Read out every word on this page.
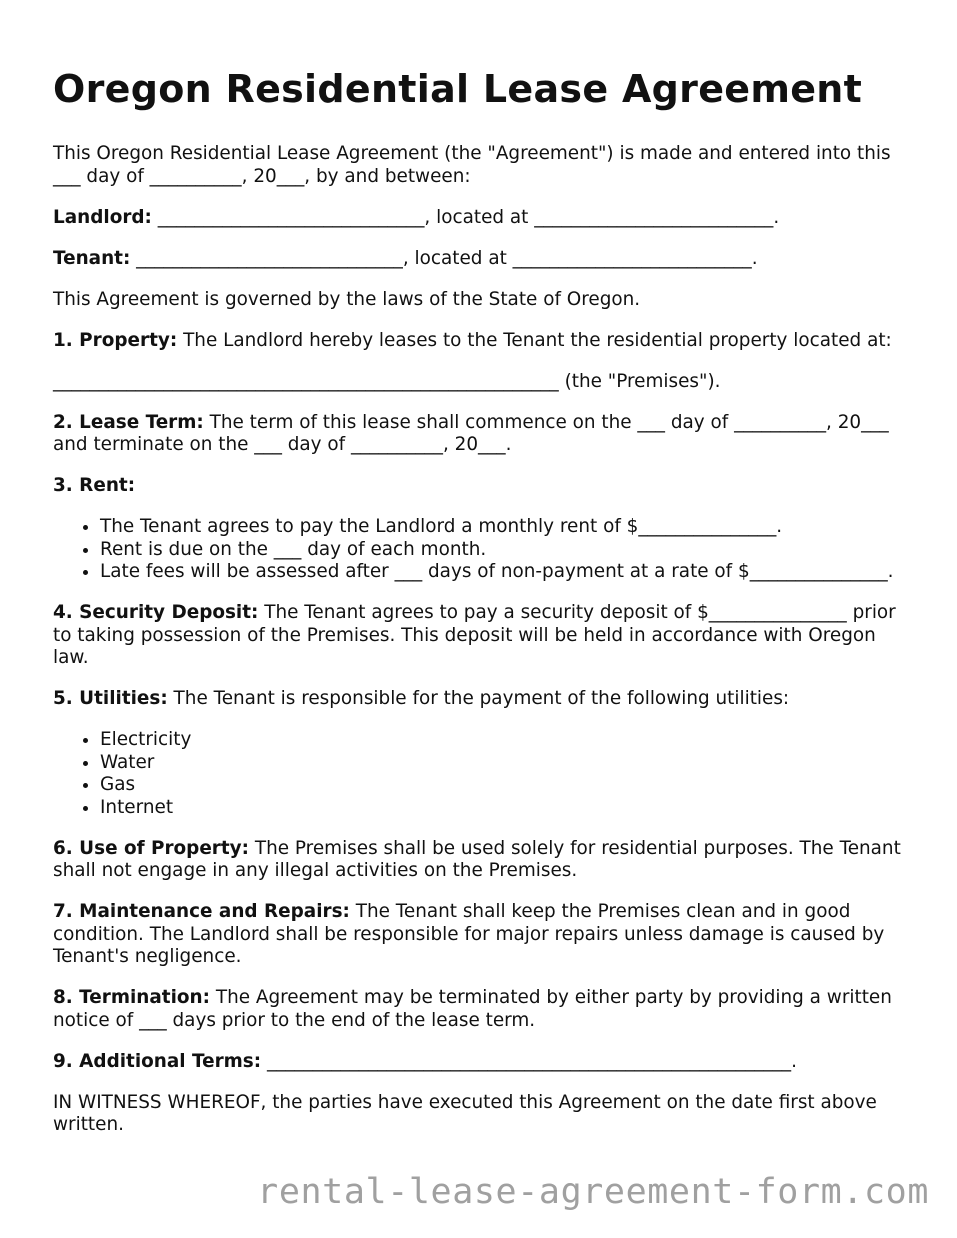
Oregon Residential Lease Agreement

This Oregon Residential Lease Agreement (the "Agreement") is made and entered into this ___ day of __________, 20___, by and between:

Landlord: _____________________________, located at __________________________.

Tenant: _____________________________, located at __________________________.

This Agreement is governed by the laws of the State of Oregon.

1. Property: The Landlord hereby leases to the Tenant the residential property located at:

_______________________________________________________ (the "Premises").

2. Lease Term: The term of this lease shall commence on the ___ day of __________, 20___ and terminate on the ___ day of __________, 20___.

3. Rent:

• The Tenant agrees to pay the Landlord a monthly rent of $_______________.
• Rent is due on the ___ day of each month.
• Late fees will be assessed after ___ days of non-payment at a rate of $_______________.

4. Security Deposit: The Tenant agrees to pay a security deposit of $_______________ prior to taking possession of the Premises. This deposit will be held in accordance with Oregon law.

5. Utilities: The Tenant is responsible for the payment of the following utilities:

• Electricity
• Water
• Gas
• Internet

6. Use of Property: The Premises shall be used solely for residential purposes. The Tenant shall not engage in any illegal activities on the Premises.

7. Maintenance and Repairs: The Tenant shall keep the Premises clean and in good condition. The Landlord shall be responsible for major repairs unless damage is caused by Tenant's negligence.

8. Termination: The Agreement may be terminated by either party by providing a written notice of ___ days prior to the end of the lease term.

9. Additional Terms: _________________________________________________________.

IN WITNESS WHEREOF, the parties have executed this Agreement on the date first above written.

rental-lease-agreement-form.com
